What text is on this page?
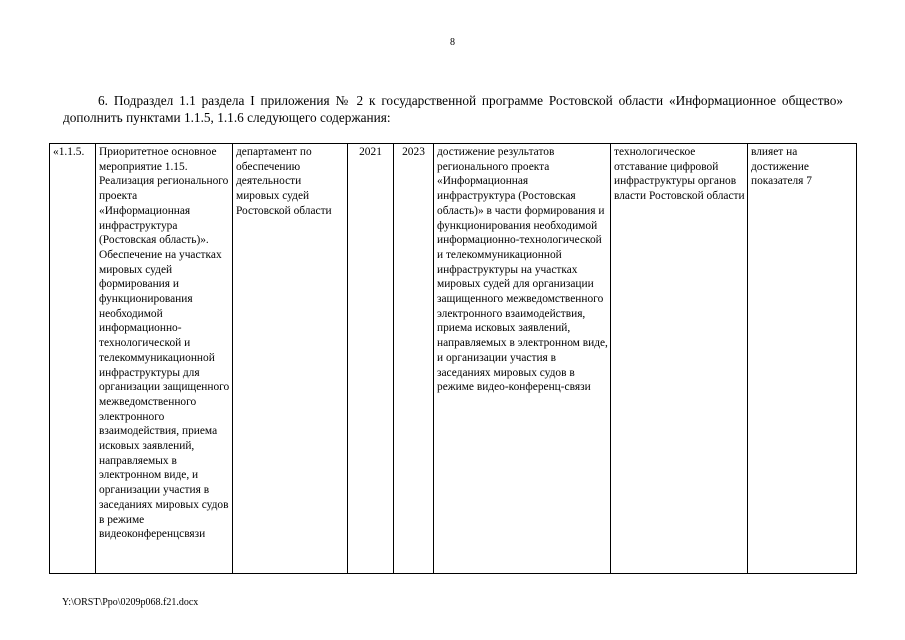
8

6. Подраздел 1.1 раздела I приложения № 2 к государственной программе Ростовской области «Информационное общество» дополнить пунктами 1.1.5, 1.1.6 следующего содержания:

«1.1.5.	Приоритетное основное мероприятие 1.15. Реализация регионального проекта «Информационная инфраструктура (Ростовская область)». Обеспечение на участках мировых судей формирования и функционирования необходимой информационно-технологической и телекоммуникационной инфраструктуры для организации защищенного межведомственного электронного взаимодействия, приема исковых заявлений, направляемых в электронном виде, и организации участия в заседаниях мировых судов в режиме видеоконференцсвязи	департамент по обеспечению деятельности мировых судей Ростовской области	2021	2023	достижение результатов регионального проекта «Информационная инфраструктура (Ростовская область)» в части формирования и функционирования необходимой информационно-технологической и телекоммуникационной инфраструктуры на участках мировых судей для организации защищенного межведомственного электронного взаимодействия, приема исковых заявлений, направляемых в электронном виде, и организации участия в заседаниях мировых судов в режиме видео-конференц-связи	технологическое отставание цифровой инфраструктуры органов власти Ростовской области	влияет на достижение показателя 7
Y:\ORST\Ppo\0209p068.f21.docx
